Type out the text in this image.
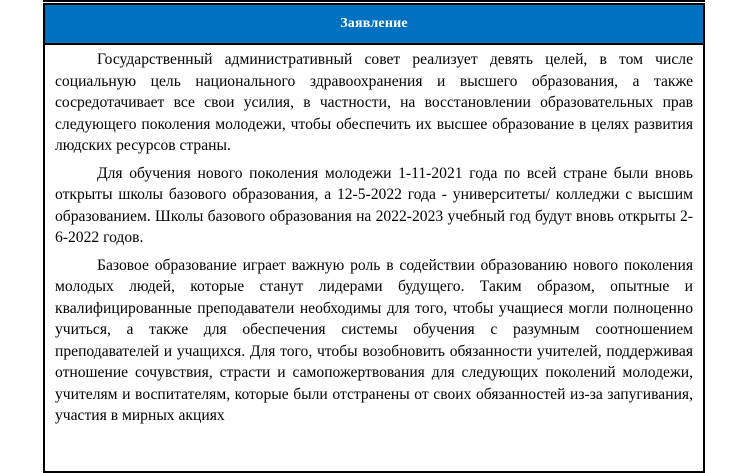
Заявление

Государственный административный совет реализует девять целей, в том числе социальную цель национального здравоохранения и высшего образования, а также сосредотачивает все свои усилия, в частности, на восстановлении образовательных прав следующего поколения молодежи, чтобы обеспечить их высшее образование в целях развития людских ресурсов страны.

Для обучения нового поколения молодежи 1-11-2021 года по всей стране были вновь открыты школы базового образования, а 12-5-2022 года - университеты/ колледжи с высшим образованием. Школы базового образования на 2022-2023 учебный год будут вновь открыты 2-6-2022 годов.

Базовое образование играет важную роль в содействии образованию нового поколения молодых людей, которые станут лидерами будущего. Таким образом, опытные и квалифицированные преподаватели необходимы для того, чтобы учащиеся могли полноценно учиться, а также для обеспечения системы обучения с разумным соотношением преподавателей и учащихся. Для того, чтобы возобновить обязанности учителей, поддерживая отношение сочувствия, страсти и самопожертвования для следующих поколений молодежи, учителям и воспитателям, которые были отстранены от своих обязанностей из-за запугивания, участия в мирных акциях
